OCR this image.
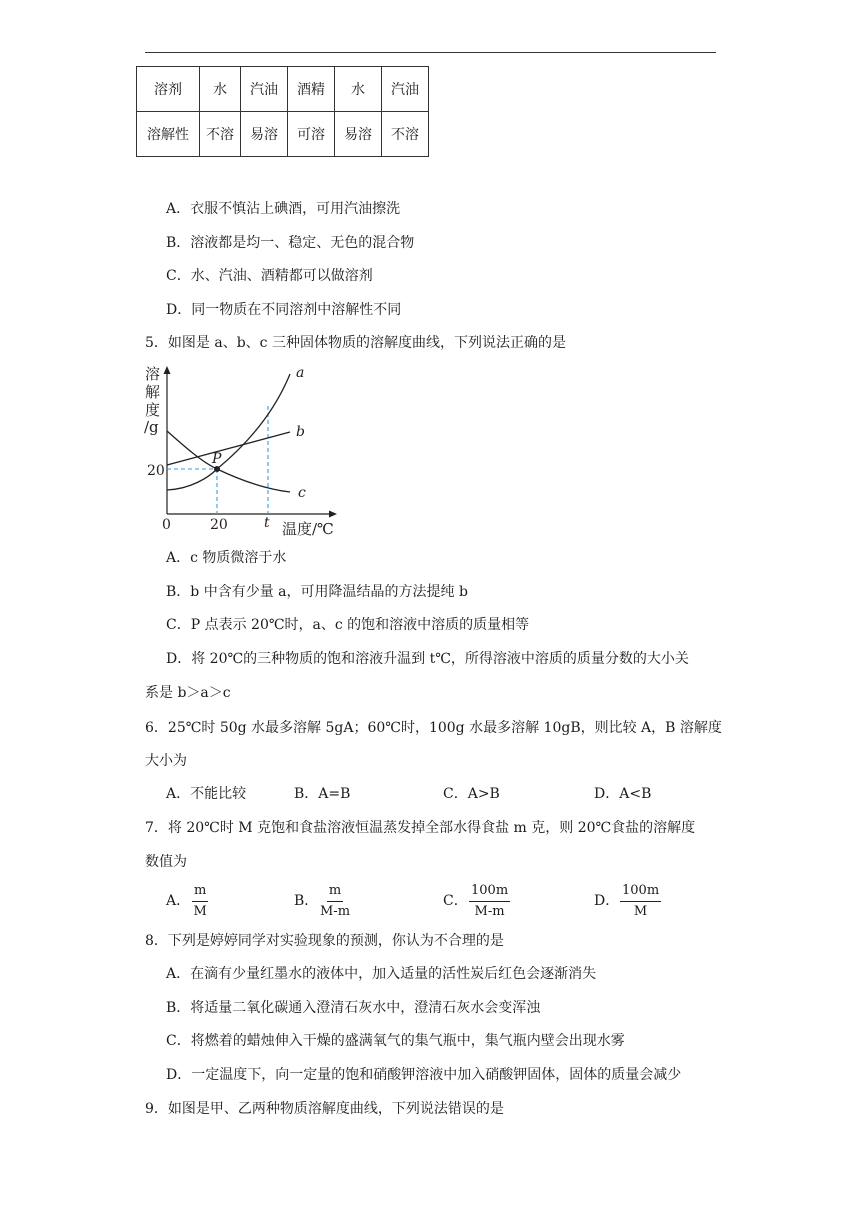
溶剂	水	汽油	酒精	水	汽油
溶解性	不溶	易溶	可溶	易溶	不溶
A．衣服不慎沾上碘酒，可用汽油擦洗
B．溶液都是均一、稳定、无色的混合物
C．水、汽油、酒精都可以做溶剂
D．同一物质在不同溶剂中溶解性不同
5．如图是 a、b、c 三种固体物质的溶解度曲线，下列说法正确的是
溶
解
度
/g
20
0	20	t 温度/℃
P
a
b
c
A．c 物质微溶于水
B．b 中含有少量 a，可用降温结晶的方法提纯 b
C．P 点表示 20℃时，a、c 的饱和溶液中溶质的质量相等
D．将 20℃的三种物质的饱和溶液升温到 t℃，所得溶液中溶质的质量分数的大小关
系是 b＞a＞c
6．25℃时 50g 水最多溶解 5gA；60℃时，100g 水最多溶解 10gB，则比较 A，B 溶解度
大小为
A．不能比较	B．A=B	C．A>B	D．A<B
7．将 20℃时 M 克饱和食盐溶液恒温蒸发掉全部水得食盐 m 克，则 20℃食盐的溶解度
数值为
A． $\frac{m}{M}$	B． $\frac{m}{M-m}$	C． $\frac{100m}{M-m}$	D． $\frac{100m}{M}$
8．下列是婷婷同学对实验现象的预测，你认为不合理的是
A．在滴有少量红墨水的液体中，加入适量的活性炭后红色会逐渐消失
B．将适量二氧化碳通入澄清石灰水中，澄清石灰水会变浑浊
C．将燃着的蜡烛伸入干燥的盛满氧气的集气瓶中，集气瓶内壁会出现水雾
D．一定温度下，向一定量的饱和硝酸钾溶液中加入硝酸钾固体，固体的质量会减少
9．如图是甲、乙两种物质溶解度曲线，下列说法错误的是
